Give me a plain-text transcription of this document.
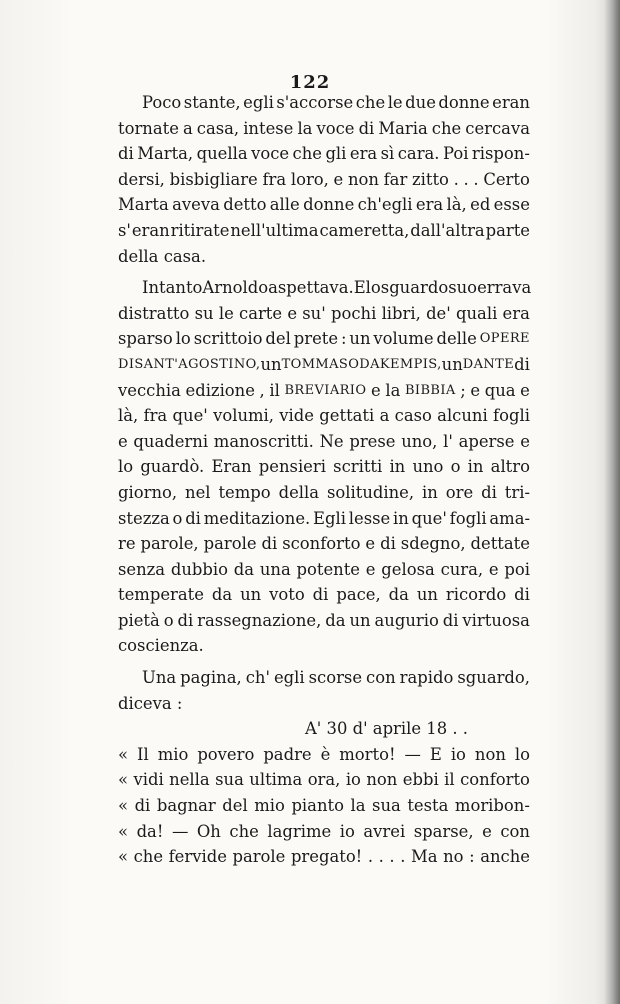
122
Poco stante, egli s'accorse che le due donne eran
tornate a casa, intese la voce di Maria che cercava
di Marta, quella voce che gli era sì cara. Poi rispon-
dersi, bisbigliare fra loro, e non far zitto . . . Certo
Marta aveva detto alle donne ch'egli era là, ed esse
s' eran ritirate nell'ultima cameretta, dall'altra parte
della casa.
Intanto Arnoldo aspettava. E lo sguardo suo errava
distratto su le carte e su' pochi libri, de' quali era
sparso lo scrittoio del prete : un volume delle OPERE
DI SANT' AGOSTINO, un TOMMASO DA KEMPIS, un DANTE di
vecchia edizione , il BREVIARIO e la BIBBIA ; e qua e
là, fra que' volumi, vide gettati a caso alcuni fogli
e quaderni manoscritti. Ne prese uno, l' aperse e
lo guardò. Eran pensieri scritti in uno o in altro
giorno, nel tempo della solitudine, in ore di tri-
stezza o di meditazione. Egli lesse in que' fogli ama-
re parole, parole di sconforto e di sdegno, dettate
senza dubbio da una potente e gelosa cura, e poi
temperate da un voto di pace, da un ricordo di
pietà o di rassegnazione, da un augurio di virtuosa
coscienza.
Una pagina, ch' egli scorse con rapido sguardo,
diceva :
A' 30 d' aprile 18 . .
« Il mio povero padre è morto! — E io non lo
« vidi nella sua ultima ora, io non ebbi il conforto
« di bagnar del mio pianto la sua testa moribon-
« da! — Oh che lagrime io avrei sparse, e con
« che fervide parole pregato! . . . . Ma no : anche
